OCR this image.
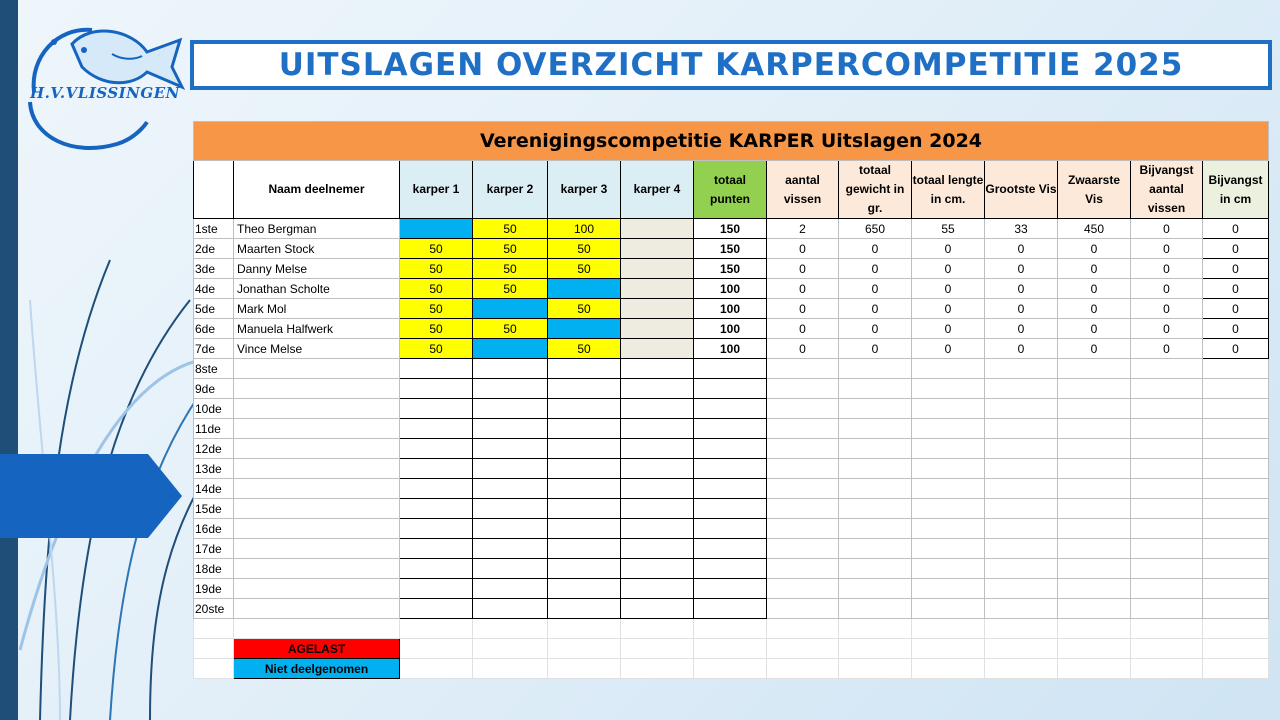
H.V.VLISSINGEN
UITSLAGEN OVERZICHT KARPERCOMPETITIE 2025
Verenigingscompetitie KARPER Uitslagen 2024													
	Naam deelnemer	karper 1	karper 2	karper 3	karper 4	totaal punten	aantal vissen	totaal gewicht in gr.	totaal lengte in cm.	Grootste Vis	Zwaarste Vis	Bijvangst aantal vissen	Bijvangst in cm
1ste	Theo Bergman		50	100		150	2	650	55	33	450	0	0
2de	Maarten Stock	50	50	50		150	0	0	0	0	0	0	0
3de	Danny Melse	50	50	50		150	0	0	0	0	0	0	0
4de	Jonathan Scholte	50	50			100	0	0	0	0	0	0	0
5de	Mark Mol	50		50		100	0	0	0	0	0	0	0
6de	Manuela Halfwerk	50	50			100	0	0	0	0	0	0	0
7de	Vince Melse	50		50		100	0	0	0	0	0	0	0
8ste													
9de													
10de													
11de													
12de													
13de													
14de													
15de													
16de													
17de													
18de													
19de													
20ste													

	AGELAST												
	Niet deelgenomen												
